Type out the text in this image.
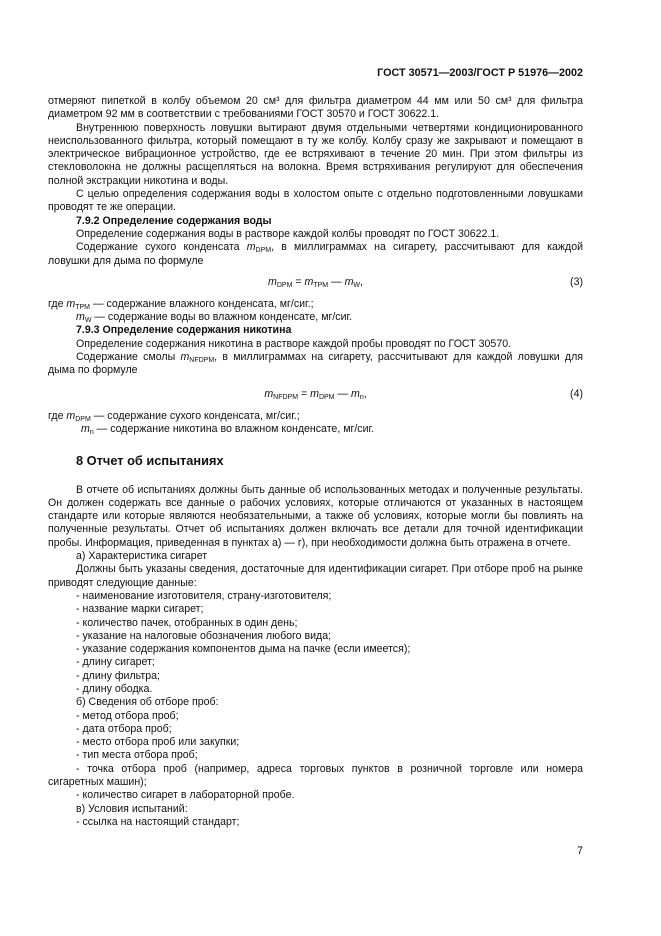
ГОСТ 30571—2003/ГОСТ Р 51976—2002

отмеряют пипеткой в колбу объемом 20 см³ для фильтра диаметром 44 мм или 50 см³ для фильтра диаметром 92 мм в соответствии с требованиями ГОСТ 30570 и ГОСТ 30622.1.

Внутреннюю поверхность ловушки вытирают двумя отдельными четвертями кондиционированного неиспользованного фильтра, который помещают в ту же колбу. Колбу сразу же закрывают и помещают в электрическое вибрационное устройство, где ее встряхивают в течение 20 мин. При этом фильтры из стекловолокна не должны расщепляться на волокна. Время встряхивания регулируют для обеспечения полной экстракции никотина и воды.

С целью определения содержания воды в холостом опыте с отдельно подготовленными ловушками проводят те же операции.

7.9.2 Определение содержания воды

Определение содержания воды в растворе каждой колбы проводят по ГОСТ 30622.1.

Содержание сухого конденсата $m_{DPM}$, в миллиграммах на сигарету, рассчитывают для каждой ловушки для дыма по формуле

$m_{DPM} = m_{TPM}$ — $m_W$,	(3)

где $m_{TPM}$ — содержание влажного конденсата, мг/сиг.;

$m_W$ — содержание воды во влажном конденсате, мг/сиг.

7.9.3 Определение содержания никотина

Определение содержания никотина в растворе каждой пробы проводят по ГОСТ 30570.

Содержание смолы $m_{NFDPM}$, в миллиграммах на сигарету, рассчитывают для каждой ловушки для дыма по формуле

$m_{NFDPM} = m_{DPM}$ — $m_n$,	(4)

где $m_{DPM}$ — содержание сухого конденсата, мг/сиг.;

$m_n$ — содержание никотина во влажном конденсате, мг/сиг.

8 Отчет об испытаниях

В отчете об испытаниях должны быть данные об использованных методах и полученные результаты. Он должен содержать все данные о рабочих условиях, которые отличаются от указанных в настоящем стандарте или которые являются необязательными, а также об условиях, которые могли бы повлиять на полученные результаты. Отчет об испытаниях должен включать все детали для точной идентификации пробы. Информация, приведенная в пунктах а) — г), при необходимости должна быть отражена в отчете.

а) Характеристика сигарет

Должны быть указаны сведения, достаточные для идентификации сигарет. При отборе проб на рынке приводят следующие данные:

- наименование изготовителя, страну-изготовителя;

- название марки сигарет;

- количество пачек, отобранных в один день;

- указание на налоговые обозначения любого вида;

- указание содержания компонентов дыма на пачке (если имеется);

- длину сигарет;

- длину фильтра;

- длину ободка.

б) Сведения об отборе проб:

- метод отбора проб;

- дата отбора проб;

- место отбора проб или закупки;

- тип места отбора проб;

- точка отбора проб (например, адреса торговых пунктов в розничной торговле или номера сигаретных машин);

- количество сигарет в лабораторной пробе.

в) Условия испытаний:

- ссылка на настоящий стандарт;

7
